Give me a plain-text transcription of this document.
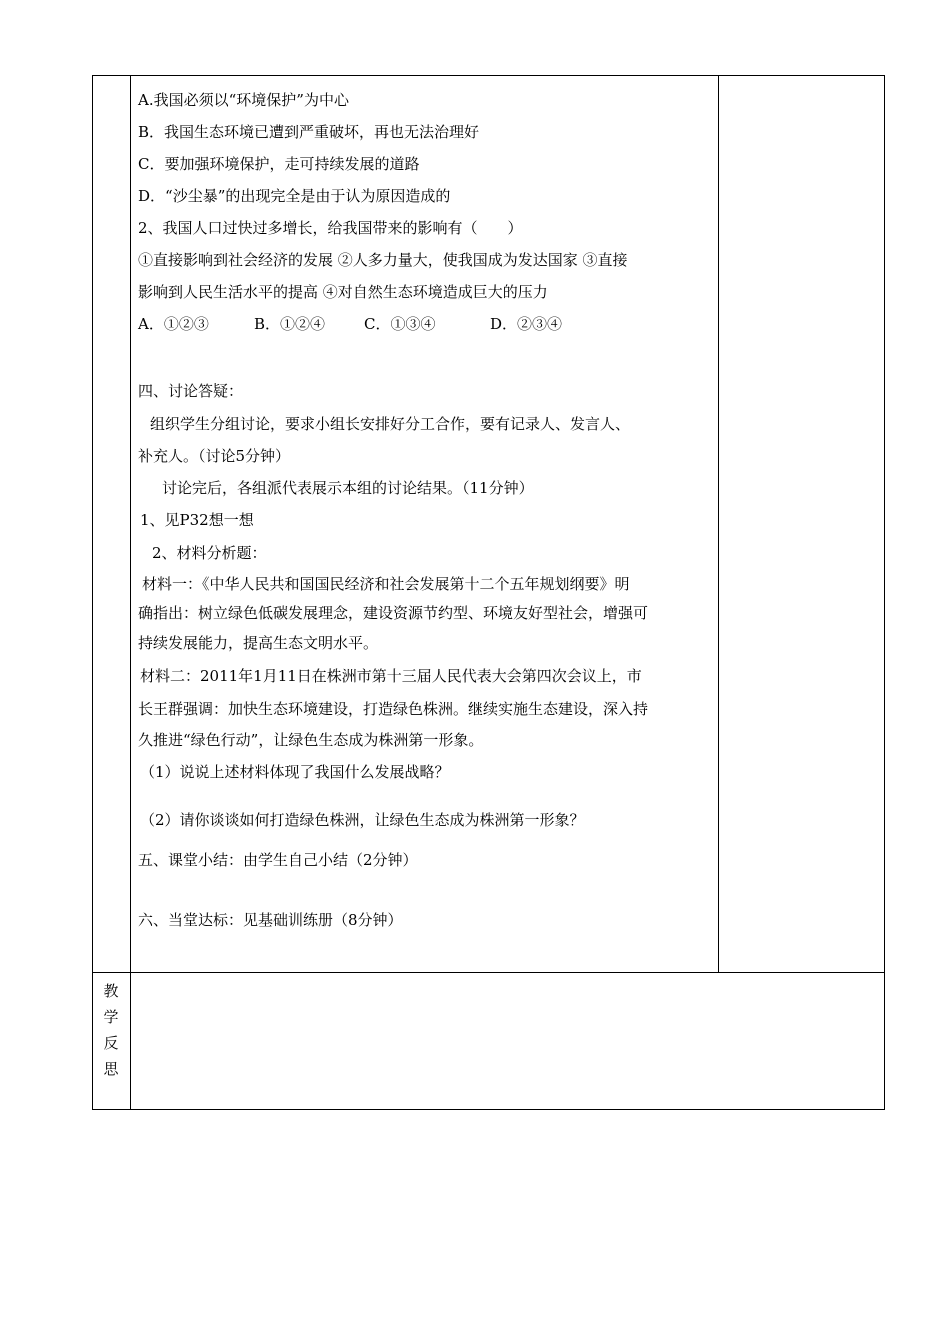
A.我国必须以“环境保护”为中心
B．我国生态环境已遭到严重破坏，再也无法治理好
C．要加强环境保护，走可持续发展的道路
D．“沙尘暴”的出现完全是由于认为原因造成的
2、我国人口过快过多增长，给我国带来的影响有（　　）
①直接影响到社会经济的发展 ②人多力量大，使我国成为发达国家 ③直接
影响到人民生活水平的提高 ④对自然生态环境造成巨大的压力
A．①②③	B．①②④	C．①③④	D．②③④
四、讨论答疑：
组织学生分组讨论，要求小组长安排好分工合作，要有记录人、发言人、
补充人。（讨论5分钟）
讨论完后，各组派代表展示本组的讨论结果。（11分钟）
1、见P32想一想
2、材料分析题：
材料一：《中华人民共和国国民经济和社会发展第十二个五年规划纲要》明
确指出：树立绿色低碳发展理念，建设资源节约型、环境友好型社会，增强可
持续发展能力，提高生态文明水平。
材料二：2011年1月11日在株洲市第十三届人民代表大会第四次会议上，市
长王群强调：加快生态环境建设，打造绿色株洲。继续实施生态建设，深入持
久推进“绿色行动”，让绿色生态成为株洲第一形象。
（1）说说上述材料体现了我国什么发展战略？
（2）请你谈谈如何打造绿色株洲，让绿色生态成为株洲第一形象？
五、课堂小结：由学生自己小结（2分钟）
六、当堂达标：见基础训练册（8分钟）
教
学
反
思
